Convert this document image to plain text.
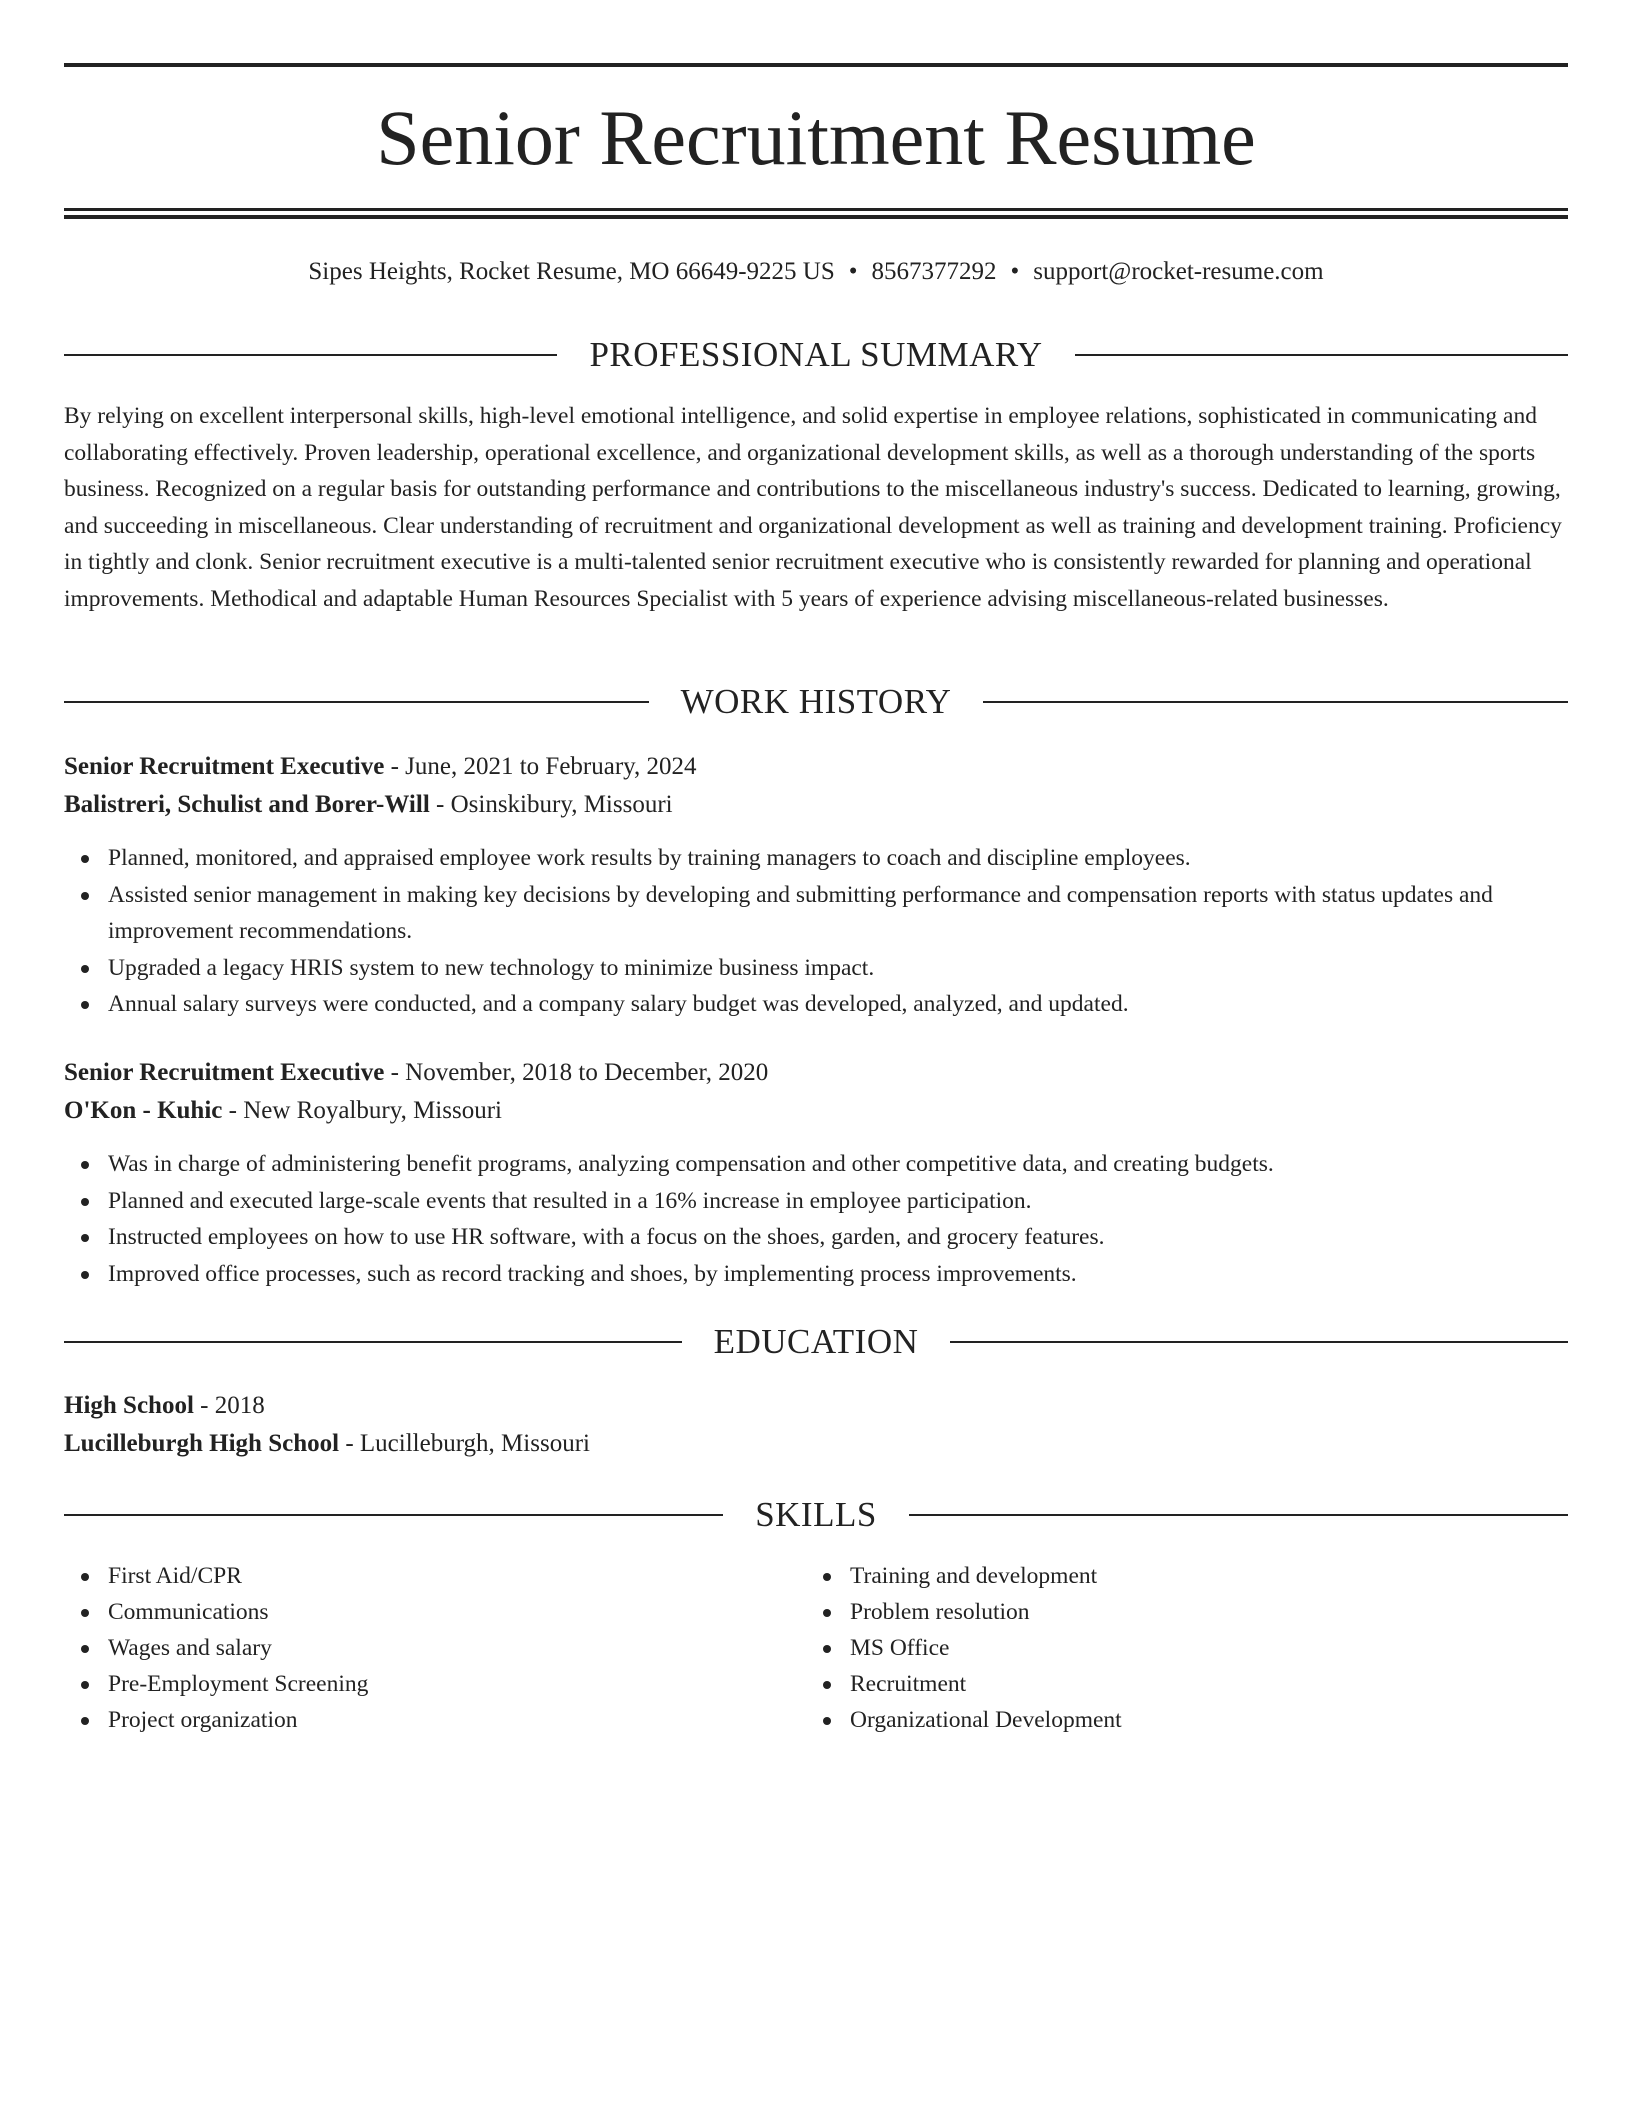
Senior Recruitment Resume
Sipes Heights, Rocket Resume, MO 66649-9225 US • 8567377292 • support@rocket-resume.com
PROFESSIONAL SUMMARY

By relying on excellent interpersonal skills, high-level emotional intelligence, and solid expertise in employee relations, sophisticated in communicating and collaborating effectively. Proven leadership, operational excellence, and organizational development skills, as well as a thorough understanding of the sports business. Recognized on a regular basis for outstanding performance and contributions to the miscellaneous industry's success. Dedicated to learning, growing, and succeeding in miscellaneous. Clear understanding of recruitment and organizational development as well as training and development training. Proficiency in tightly and clonk. Senior recruitment executive is a multi-talented senior recruitment executive who is consistently rewarded for planning and operational improvements. Methodical and adaptable Human Resources Specialist with 5 years of experience advising miscellaneous-related businesses.

WORK HISTORY
Senior Recruitment Executive - June, 2021 to February, 2024
Balistreri, Schulist and Borer-Will - Osinskibury, Missouri
Planned, monitored, and appraised employee work results by training managers to coach and discipline employees.
Assisted senior management in making key decisions by developing and submitting performance and compensation reports with status updates and improvement recommendations.
Upgraded a legacy HRIS system to new technology to minimize business impact.
Annual salary surveys were conducted, and a company salary budget was developed, analyzed, and updated.
Senior Recruitment Executive - November, 2018 to December, 2020
O'Kon - Kuhic - New Royalbury, Missouri
Was in charge of administering benefit programs, analyzing compensation and other competitive data, and creating budgets.
Planned and executed large-scale events that resulted in a 16% increase in employee participation.
Instructed employees on how to use HR software, with a focus on the shoes, garden, and grocery features.
Improved office processes, such as record tracking and shoes, by implementing process improvements.
EDUCATION
High School - 2018
Lucilleburgh High School - Lucilleburgh, Missouri
SKILLS
First Aid/CPR
Communications
Wages and salary
Pre-Employment Screening
Project organization
Training and development
Problem resolution
MS Office
Recruitment
Organizational Development
